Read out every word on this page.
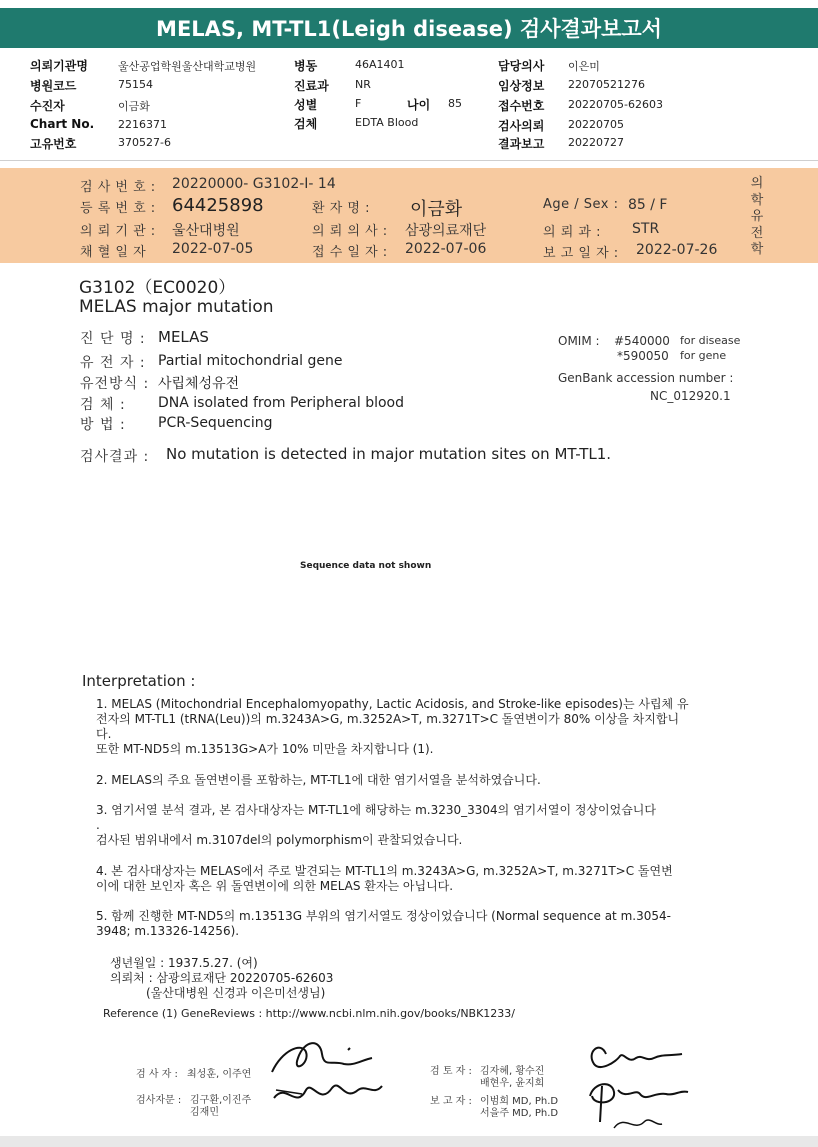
MELAS, MT-TL1(Leigh disease) 검사결과보고서
의뢰기관명	울산공업학원울산대학교병원
병원코드	75154
수진자	이금화
Chart No. 2216371
고유번호	370527-6
병동	46A1401
진료과 NR
성별	F	나이 85
검체	EDTA Blood
담당의사 이은미
임상정보 22070521276
접수번호 20220705-62603
검사의뢰 20220705
결과보고 20220727
검 사 번 호 : 20220000- G3102-I- 14
등 록 번 호 : 64425898	환 자 명 : 이금화	Age / Sex : 85 / F
의 뢰 기 관 : 울산대병원	의 뢰 의 사 : 삼광의료재단	의 뢰 과 : STR
채 혈 일 자 2022-07-05	접 수 일 자 : 2022-07-06	보 고 일 자 : 2022-07-26
의학유전학
G3102（EC0020）
MELAS major mutation
진 단 명 : MELAS
유 전 자 : Partial mitochondrial gene
유전방식 : 사립체성유전
검 체 : DNA isolated from Peripheral blood
방 법 : PCR-Sequencing
OMIM : #540000 for disease
*590050 for gene
GenBank accession number :
NC_012920.1
검사결과 : No mutation is detected in major mutation sites on MT-TL1.
Sequence data not shown
Interpretation :
1. MELAS (Mitochondrial Encephalomyopathy, Lactic Acidosis, and Stroke-like episodes)는 사립체 유
전자의 MT-TL1 (tRNA(Leu))의 m.3243A>G, m.3252A>T, m.3271T>C 돌연변이가 80% 이상을 차지합니
다.
또한 MT-ND5의 m.13513G>A가 10% 미만을 차지합니다 (1).
2. MELAS의 주요 돌연변이를 포함하는, MT-TL1에 대한 염기서열을 분석하였습니다.
3. 염기서열 분석 결과, 본 검사대상자는 MT-TL1에 해당하는 m.3230_3304의 염기서열이 정상이었습니다
.
검사된 범위내에서 m.3107del의 polymorphism이 관찰되었습니다.
4. 본 검사대상자는 MELAS에서 주로 발견되는 MT-TL1의 m.3243A>G, m.3252A>T, m.3271T>C 돌연변
이에 대한 보인자 혹은 위 돌연변이에 의한 MELAS 환자는 아닙니다.
5. 함께 진행한 MT-ND5의 m.13513G 부위의 염기서열도 정상이었습니다 (Normal sequence at m.3054-
3948; m.13326-14256).
생년월일 : 1937.5.27. (여)
의뢰처 : 삼광의료재단 20220705-62603
(울산대병원 신경과 이은미선생님)
Reference (1) GeneReviews : http://www.ncbi.nlm.nih.gov/books/NBK1233/
검 사 자 : 최성훈, 이주연
검사자문 : 김구환,이진주
김재민
검 토 자 : 김자혜, 황수진
배현우, 윤지희
보 고 자 : 이범희 MD, Ph.D
서을주 MD, Ph.D
